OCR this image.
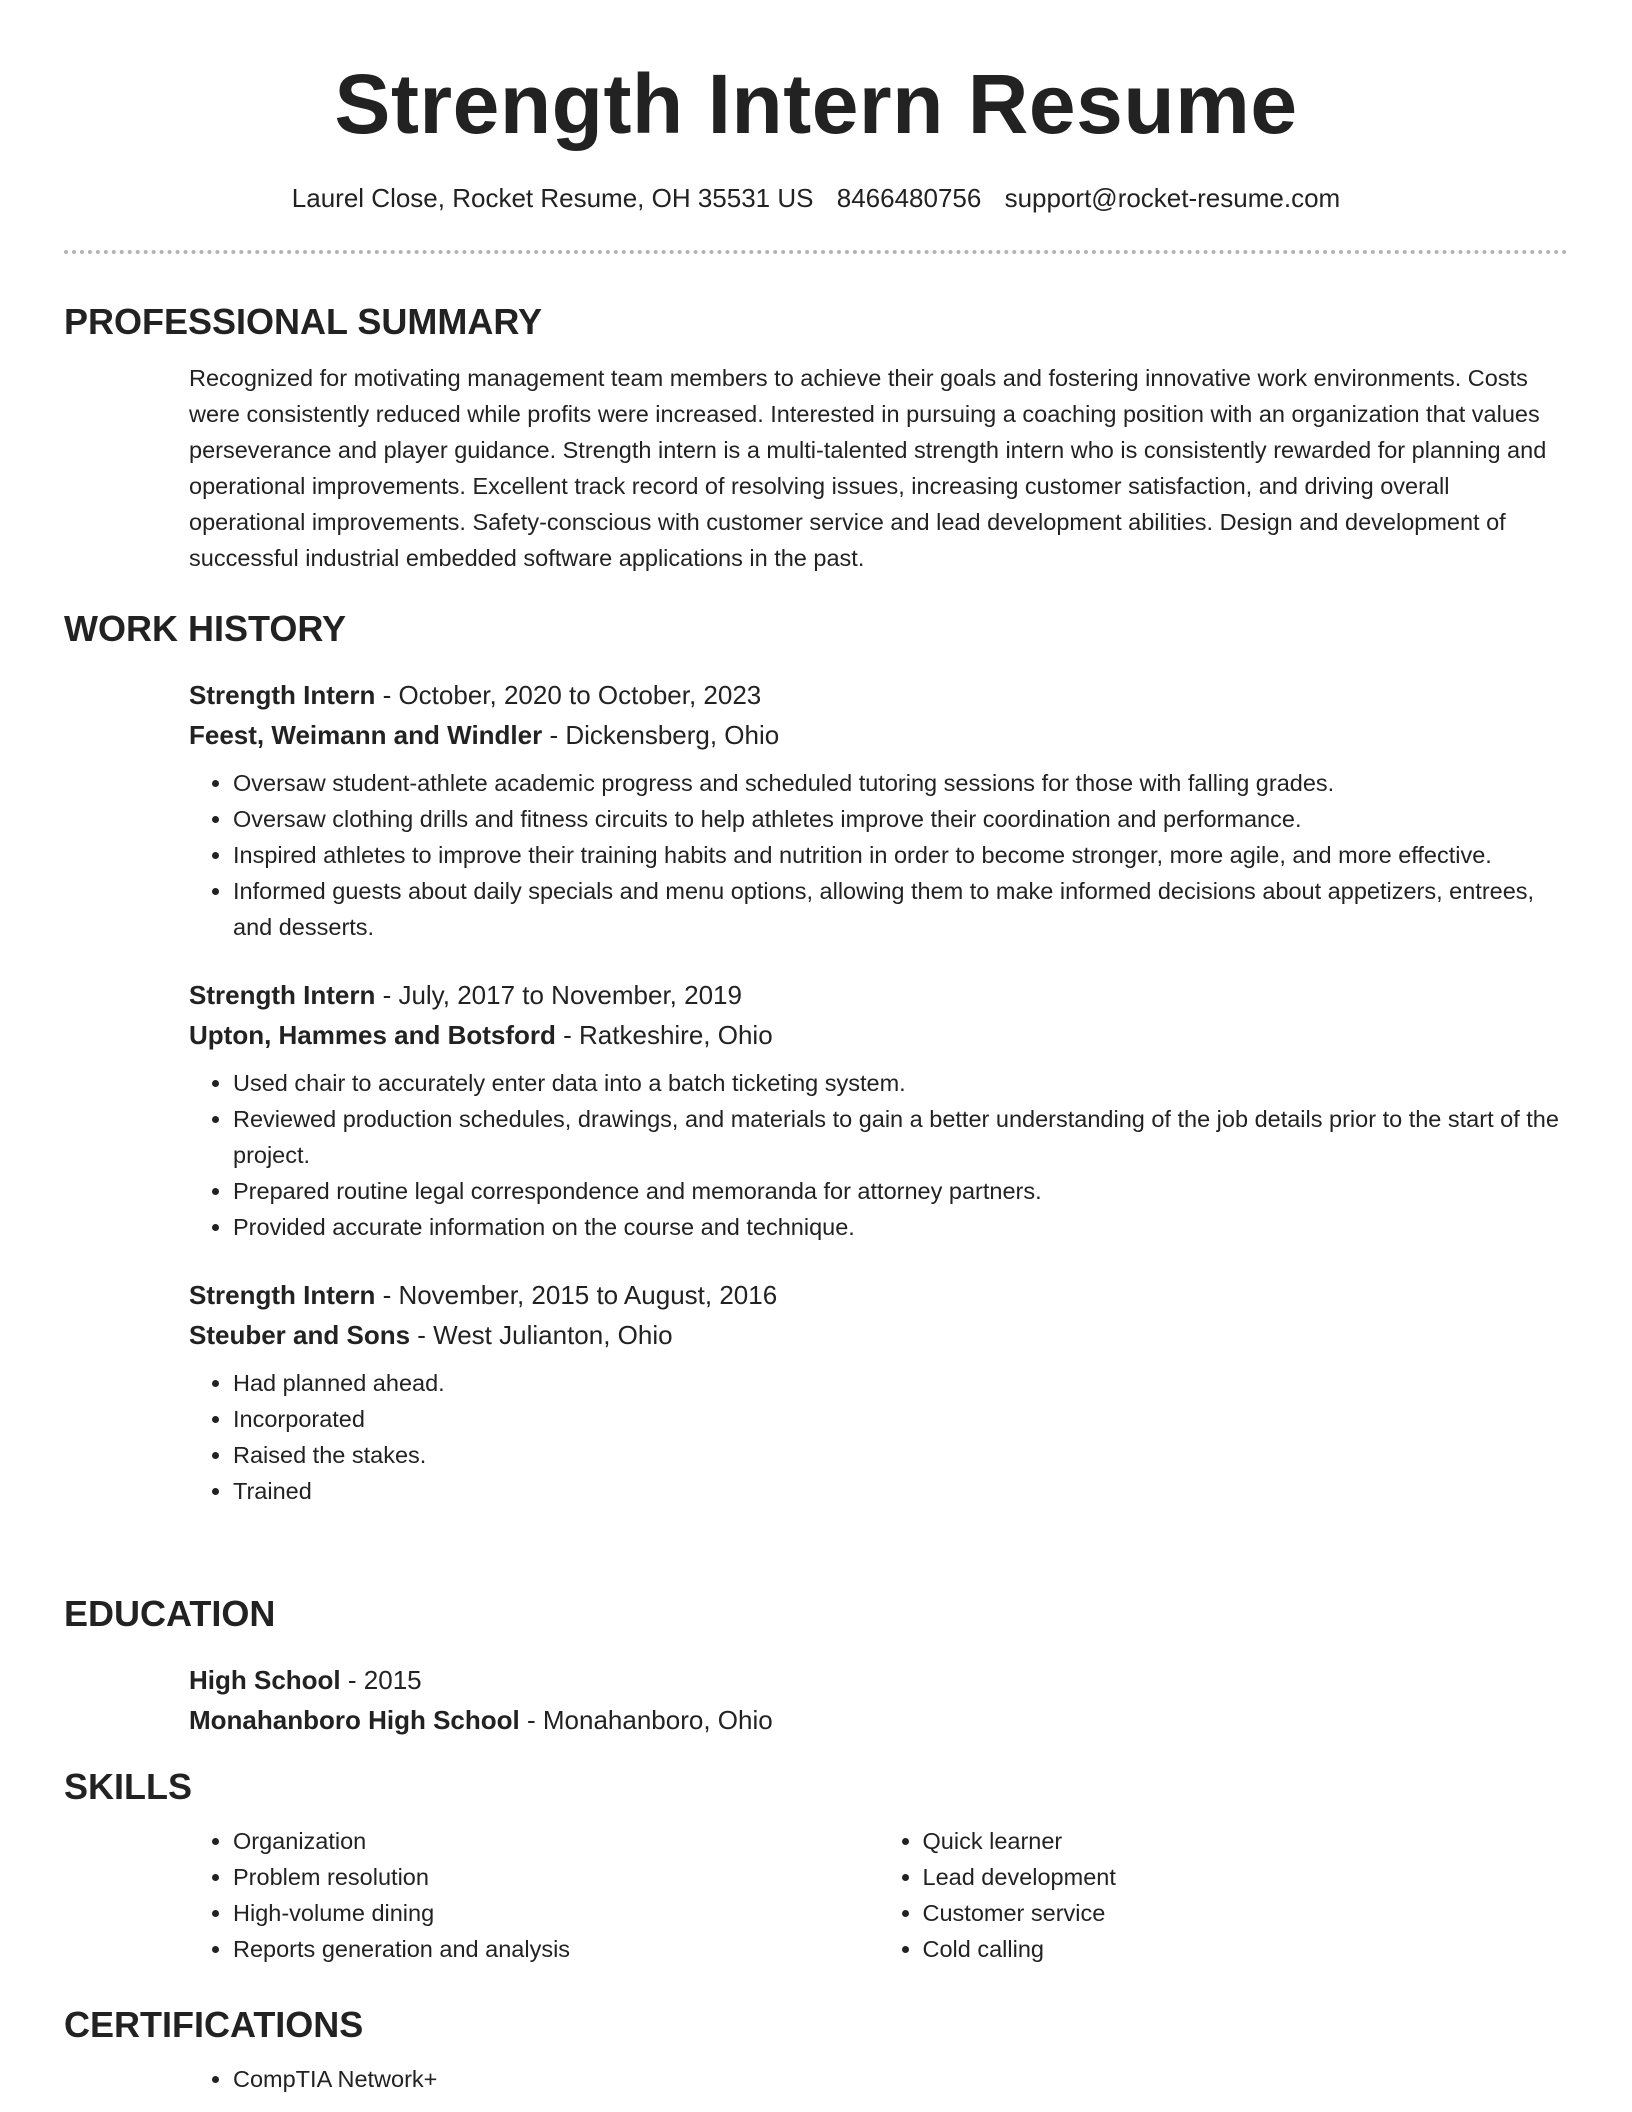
Strength Intern Resume
Laurel Close, Rocket Resume, OH 35531 US 8466480756 support@rocket-resume.com
PROFESSIONAL SUMMARY

Recognized for motivating management team members to achieve their goals and fostering innovative work environments. Costs were consistently reduced while profits were increased. Interested in pursuing a coaching position with an organization that values perseverance and player guidance. Strength intern is a multi-talented strength intern who is consistently rewarded for planning and operational improvements. Excellent track record of resolving issues, increasing customer satisfaction, and driving overall operational improvements. Safety-conscious with customer service and lead development abilities. Design and development of successful industrial embedded software applications in the past.

WORK HISTORY

Strength Intern - October, 2020 to October, 2023

Feest, Weimann and Windler - Dickensberg, Ohio

• Oversaw student-athlete academic progress and scheduled tutoring sessions for those with falling grades.
• Oversaw clothing drills and fitness circuits to help athletes improve their coordination and performance.
• Inspired athletes to improve their training habits and nutrition in order to become stronger, more agile, and more effective.
• Informed guests about daily specials and menu options, allowing them to make informed decisions about appetizers, entrees, and desserts.

Strength Intern - July, 2017 to November, 2019

Upton, Hammes and Botsford - Ratkeshire, Ohio

• Used chair to accurately enter data into a batch ticketing system.
• Reviewed production schedules, drawings, and materials to gain a better understanding of the job details prior to the start of the project.
• Prepared routine legal correspondence and memoranda for attorney partners.
• Provided accurate information on the course and technique.

Strength Intern - November, 2015 to August, 2016

Steuber and Sons - West Julianton, Ohio

• Had planned ahead.
• Incorporated
• Raised the stakes.
• Trained
EDUCATION

High School - 2015

Monahanboro High School - Monahanboro, Ohio

SKILLS
• Organization
• Problem resolution
• High-volume dining
• Reports generation and analysis
• Quick learner
• Lead development
• Customer service
• Cold calling
CERTIFICATIONS
• CompTIA Network+
